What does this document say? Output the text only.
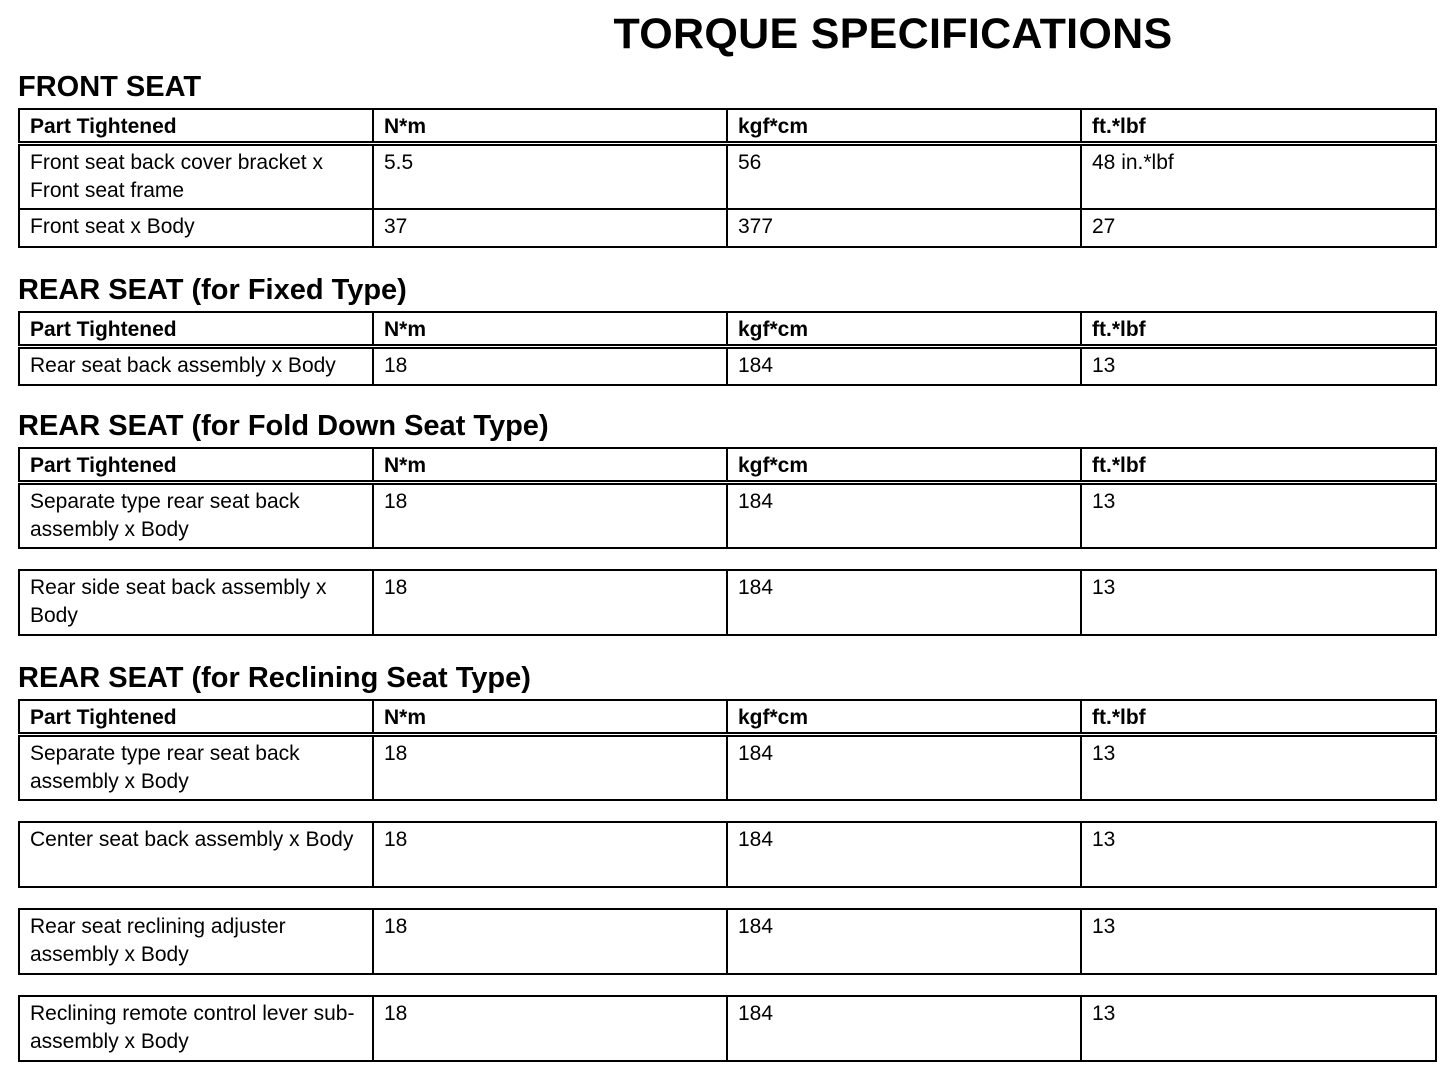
TORQUE SPECIFICATIONS
FRONT SEAT
Part Tightened	N*m	kgf*cm	ft.*lbf
Front seat back cover bracket x Front seat frame	5.5	56	48 in.*lbf
Front seat x Body	37	377	27
REAR SEAT (for Fixed Type)
Part Tightened	N*m	kgf*cm	ft.*lbf
Rear seat back assembly x Body	18	184	13
REAR SEAT (for Fold Down Seat Type)
Part Tightened	N*m	kgf*cm	ft.*lbf
Separate type rear seat back assembly x Body	18	184	13

Rear side seat back assembly x Body	18	184	13
REAR SEAT (for Reclining Seat Type)
Part Tightened	N*m	kgf*cm	ft.*lbf
Separate type rear seat back assembly x Body	18	184	13

Center seat back assembly x Body	18	184	13

Rear seat reclining adjuster assembly x Body	18	184	13

Reclining remote control lever sub- assembly x Body	18	184	13
